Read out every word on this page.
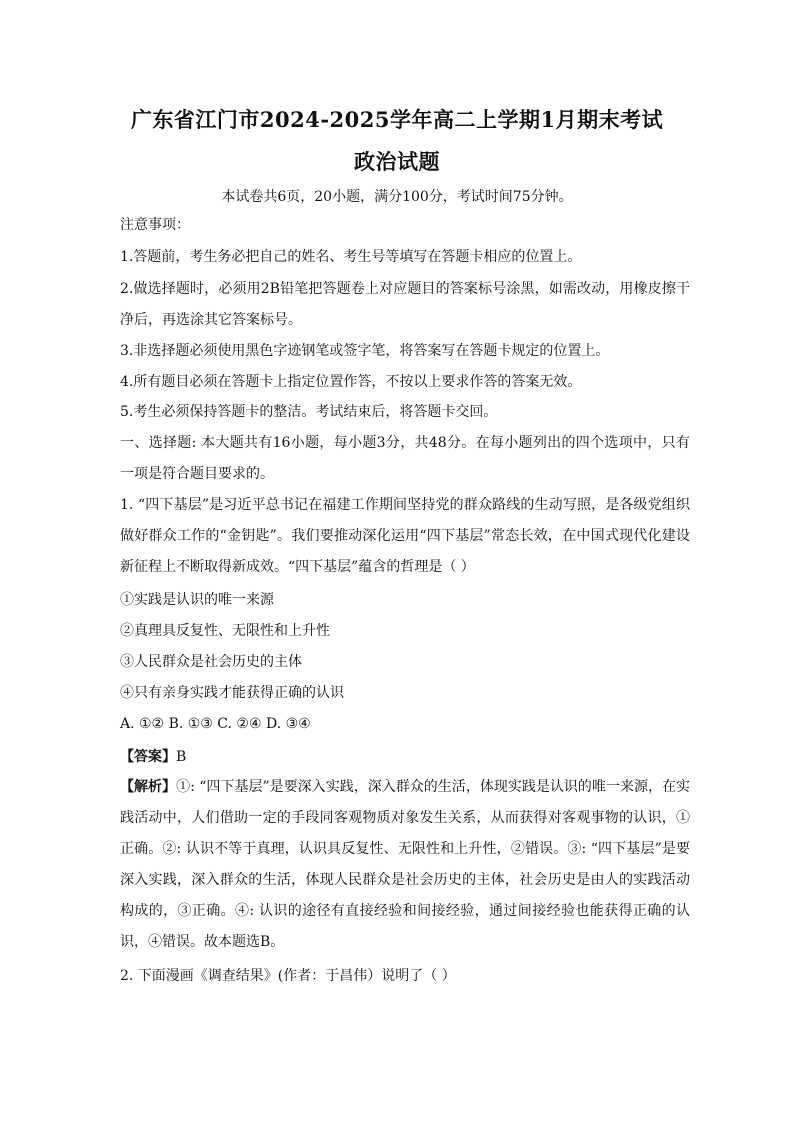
广东省江门市2024-2025学年高二上学期1月期末考试
政治试题
本试卷共6页，20小题，满分100分，考试时间75分钟。
注意事项：
1.答题前，考生务必把自己的姓名、考生号等填写在答题卡相应的位置上。
2.做选择题时，必须用2B铅笔把答题卷上对应题目的答案标号涂黑，如需改动，用橡皮擦干净后，再选涂其它答案标号。
3.非选择题必须使用黑色字迹钢笔或签字笔，将答案写在答题卡规定的位置上。
4.所有题目必须在答题卡上指定位置作答，不按以上要求作答的答案无效。
5.考生必须保持答题卡的整洁。考试结束后，将答题卡交回。
一、选择题: 本大题共有16小题，每小题3分，共48分。在每小题列出的四个选项中，只有一项是符合题目要求的。
1. “四下基层”是习近平总书记在福建工作期间坚持党的群众路线的生动写照，是各级党组织做好群众工作的“金钥匙”。我们要推动深化运用“四下基层”常态长效，在中国式现代化建设新征程上不断取得新成效。“四下基层”蕴含的哲理是（ ）
①实践是认识的唯一来源
②真理具反复性、无限性和上升性
③人民群众是社会历史的主体
④只有亲身实践才能获得正确的认识
A. ①② B. ①③ C. ②④ D. ③④
【答案】B
【解析】①: “四下基层”是要深入实践，深入群众的生活，体现实践是认识的唯一来源，在实践活动中，人们借助一定的手段同客观物质对象发生关系，从而获得对客观事物的认识，①正确。②: 认识不等于真理，认识具反复性、无限性和上升性，②错误。③: “四下基层”是要深入实践，深入群众的生活，体现人民群众是社会历史的主体，社会历史是由人的实践活动构成的，③正确。④: 认识的途径有直接经验和间接经验，通过间接经验也能获得正确的认识，④错误。故本题选B。
2. 下面漫画《调查结果》(作者：于昌伟）说明了（ ）
